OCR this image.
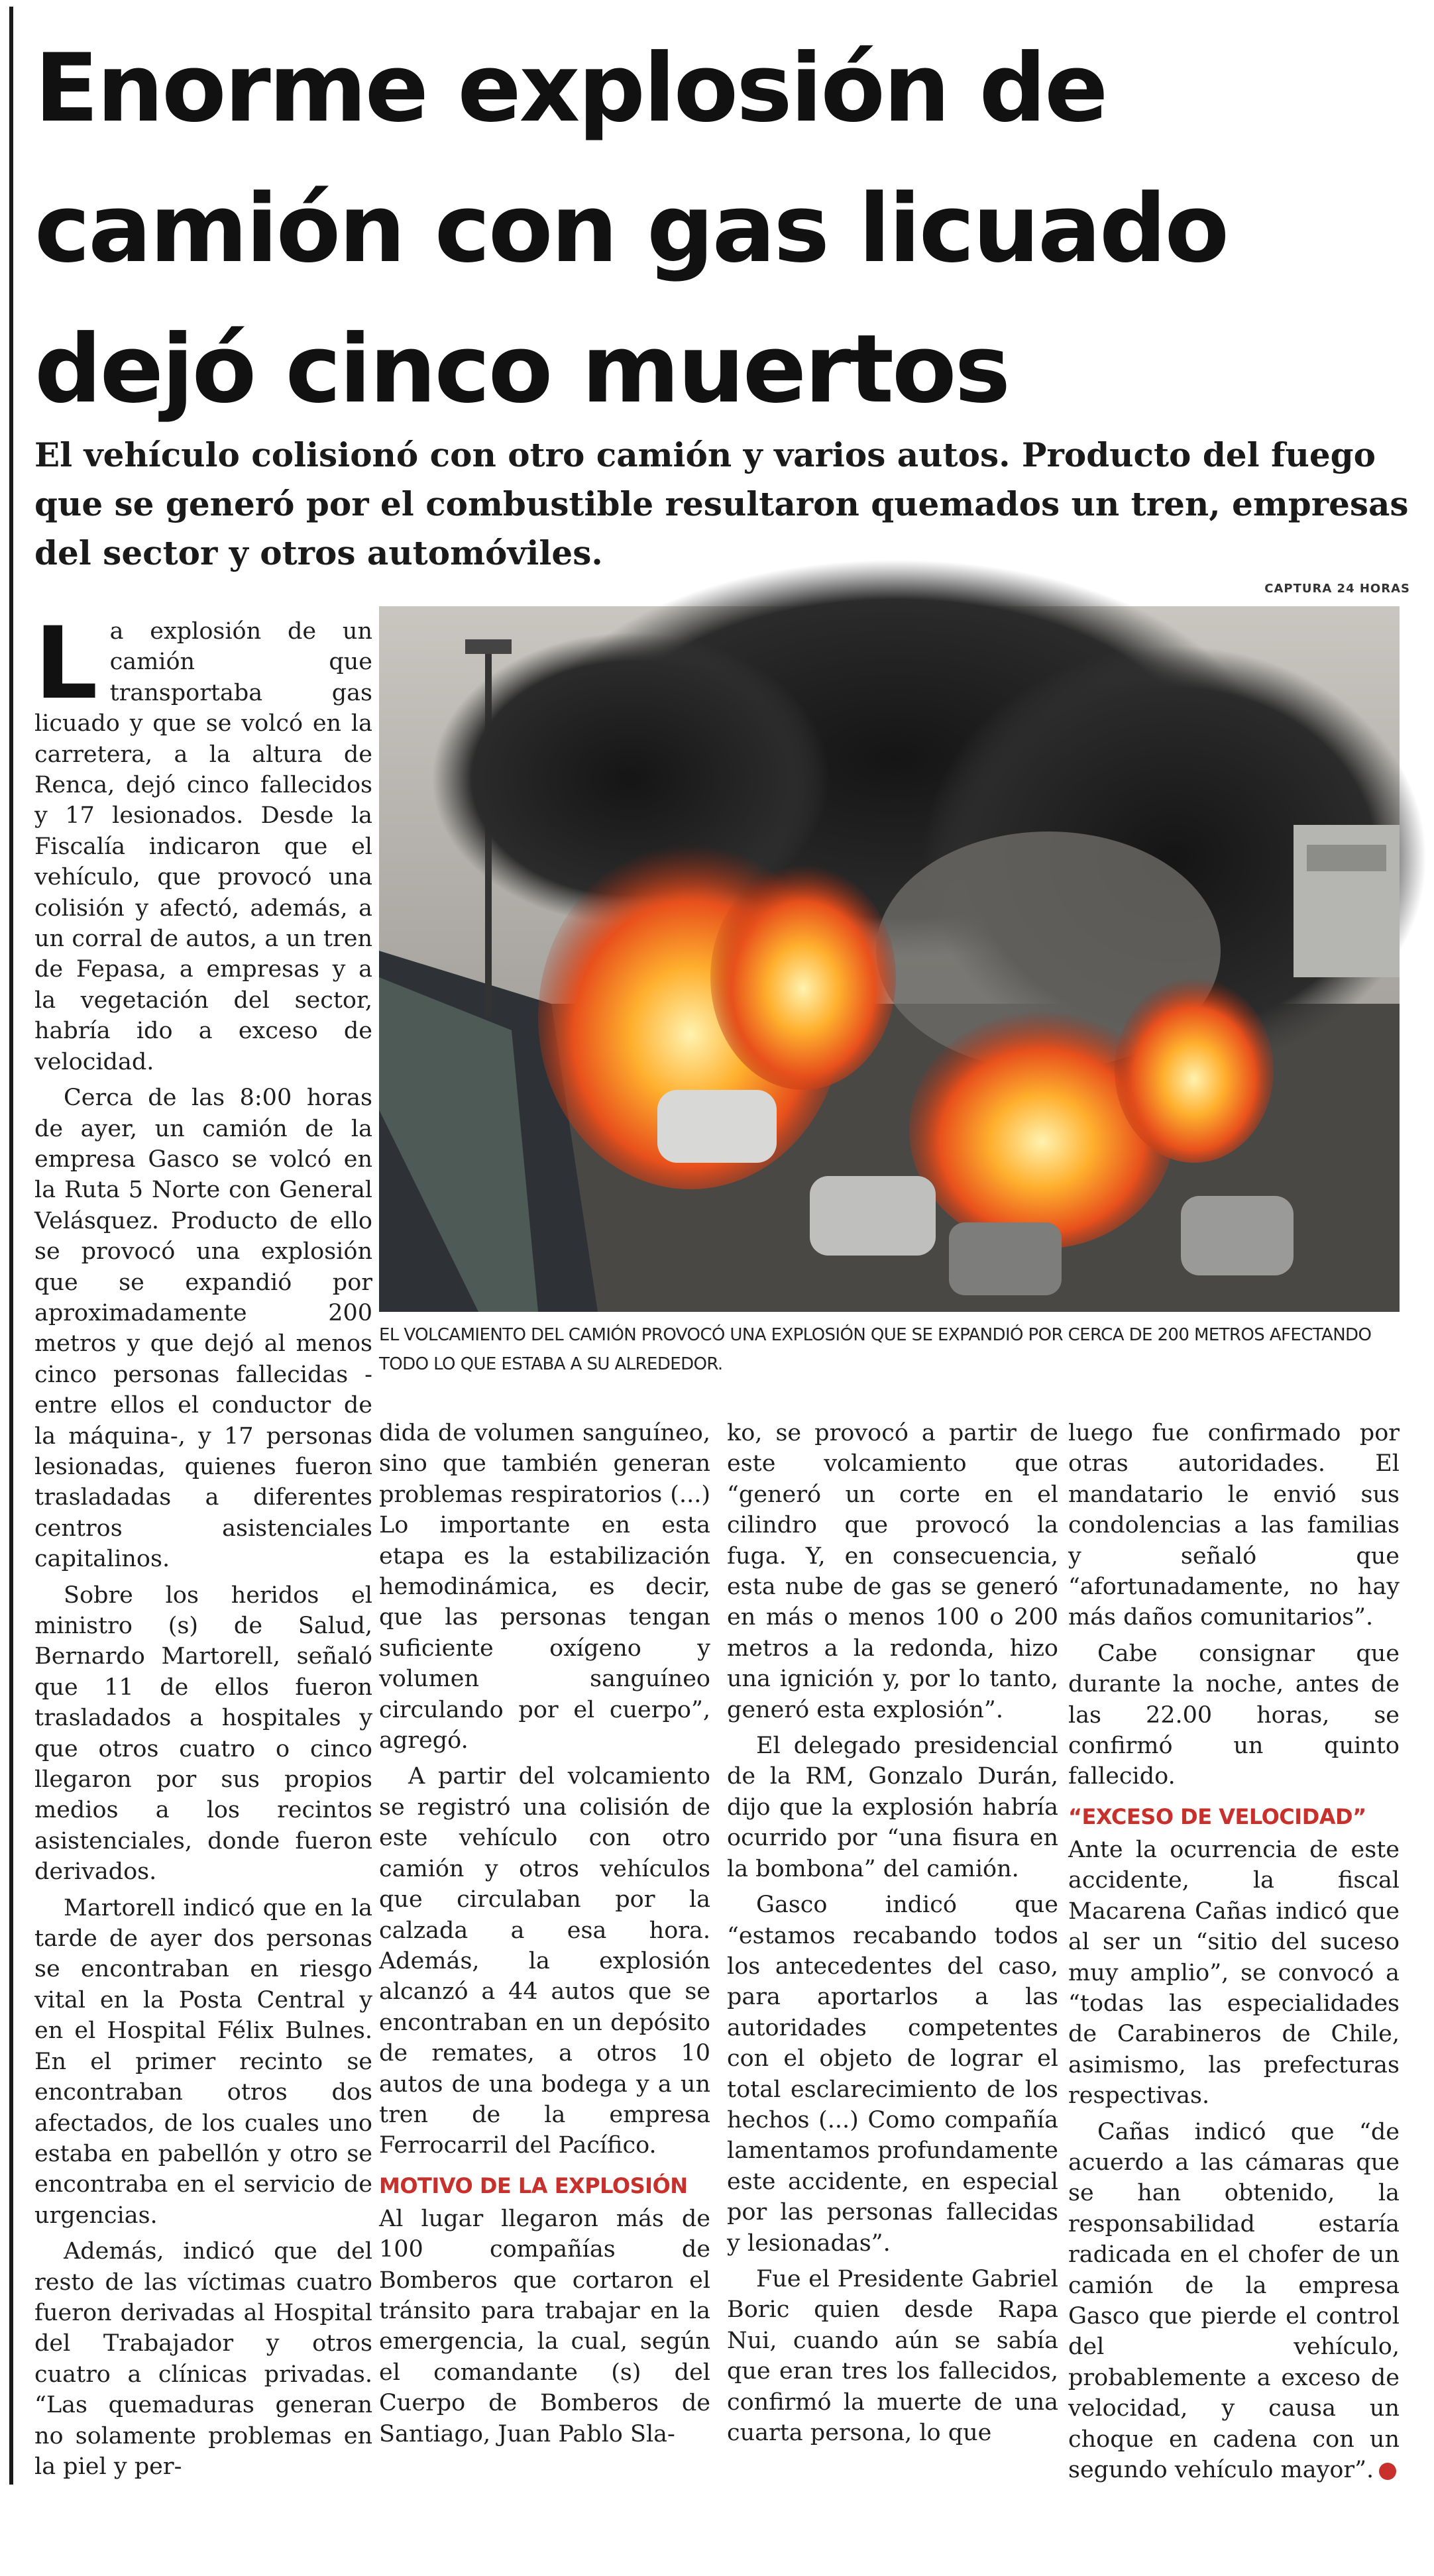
Enorme explosión de camión con gas licuado dejó cinco muertos

El vehículo colisionó con otro camión y varios autos. Producto del fuego que se generó por el combustible resultaron quemados un tren, empresas del sector y otros automóviles.

CAPTURA 24 HORAS

EL VOLCAMIENTO DEL CAMIÓN PROVOCÓ UNA EXPLOSIÓN QUE SE EXPANDIÓ POR CERCA DE 200 METROS AFECTANDO TODO LO QUE ESTABA A SU ALREDEDOR.

La explosión de un camión que transportaba gas licuado y que se volcó en la carretera, a la altura de Renca, dejó cinco fallecidos y 17 lesionados. Desde la Fiscalía indicaron que el vehículo, que provocó una colisión y afectó, además, a un corral de autos, a un tren de Fepasa, a empresas y a la vegetación del sector, habría ido a exceso de velocidad.

Cerca de las 8:00 horas de ayer, un camión de la empresa Gasco se volcó en la Ruta 5 Norte con General Velásquez. Producto de ello se provocó una explosión que se expandió por aproximadamente 200 metros y que dejó al menos cinco personas fallecidas -entre ellos el conductor de la máquina-, y 17 personas lesionadas, quienes fueron trasladadas a diferentes centros asistenciales capitalinos.

Sobre los heridos el ministro (s) de Salud, Bernardo Martorell, señaló que 11 de ellos fueron trasladados a hospitales y que otros cuatro o cinco llegaron por sus propios medios a los recintos asistenciales, donde fueron derivados.

Martorell indicó que en la tarde de ayer dos personas se encontraban en riesgo vital en la Posta Central y en el Hospital Félix Bulnes. En el primer recinto se encontraban otros dos afectados, de los cuales uno estaba en pabellón y otro se encontraba en el servicio de urgencias.

Además, indicó que del resto de las víctimas cuatro fueron derivadas al Hospital del Trabajador y otros cuatro a clínicas privadas. “Las quemaduras generan no solamente problemas en la piel y per-

dida de volumen sanguíneo, sino que también generan problemas respiratorios (...) Lo importante en esta etapa es la estabilización hemodinámica, es decir, que las personas tengan suficiente oxígeno y volumen sanguíneo circulando por el cuerpo”, agregó.

A partir del volcamiento se registró una colisión de este vehículo con otro camión y otros vehículos que circulaban por la calzada a esa hora. Además, la explosión alcanzó a 44 autos que se encontraban en un depósito de remates, a otros 10 autos de una bodega y a un tren de la empresa Ferrocarril del Pacífico.

MOTIVO DE LA EXPLOSIÓN

Al lugar llegaron más de 100 compañías de Bomberos que cortaron el tránsito para trabajar en la emergencia, la cual, según el comandante (s) del Cuerpo de Bomberos de Santiago, Juan Pablo Sla-

ko, se provocó a partir de este volcamiento que “generó un corte en el cilindro que provocó la fuga. Y, en consecuencia, esta nube de gas se generó en más o menos 100 o 200 metros a la redonda, hizo una ignición y, por lo tanto, generó esta explosión”.

El delegado presidencial de la RM, Gonzalo Durán, dijo que la explosión habría ocurrido por “una fisura en la bombona” del camión.

Gasco indicó que “estamos recabando todos los antecedentes del caso, para aportarlos a las autoridades competentes con el objeto de lograr el total esclarecimiento de los hechos (...) Como compañía lamentamos profundamente este accidente, en especial por las personas fallecidas y lesionadas”.

Fue el Presidente Gabriel Boric quien desde Rapa Nui, cuando aún se sabía que eran tres los fallecidos, confirmó la muerte de una cuarta persona, lo que

luego fue confirmado por otras autoridades. El mandatario le envió sus condolencias a las familias y señaló que “afortunadamente, no hay más daños comunitarios”.

Cabe consignar que durante la noche, antes de las 22.00 horas, se confirmó un quinto fallecido.

“EXCESO DE VELOCIDAD”

Ante la ocurrencia de este accidente, la fiscal Macarena Cañas indicó que al ser un “sitio del suceso muy amplio”, se convocó a “todas las especialidades de Carabineros de Chile, asimismo, las prefecturas respectivas.

Cañas indicó que “de acuerdo a las cámaras que se han obtenido, la responsabilidad estaría radicada en el chofer de un camión de la empresa Gasco que pierde el control del vehículo, probablemente a exceso de velocidad, y causa un choque en cadena con un segundo vehículo mayor”.	✪
